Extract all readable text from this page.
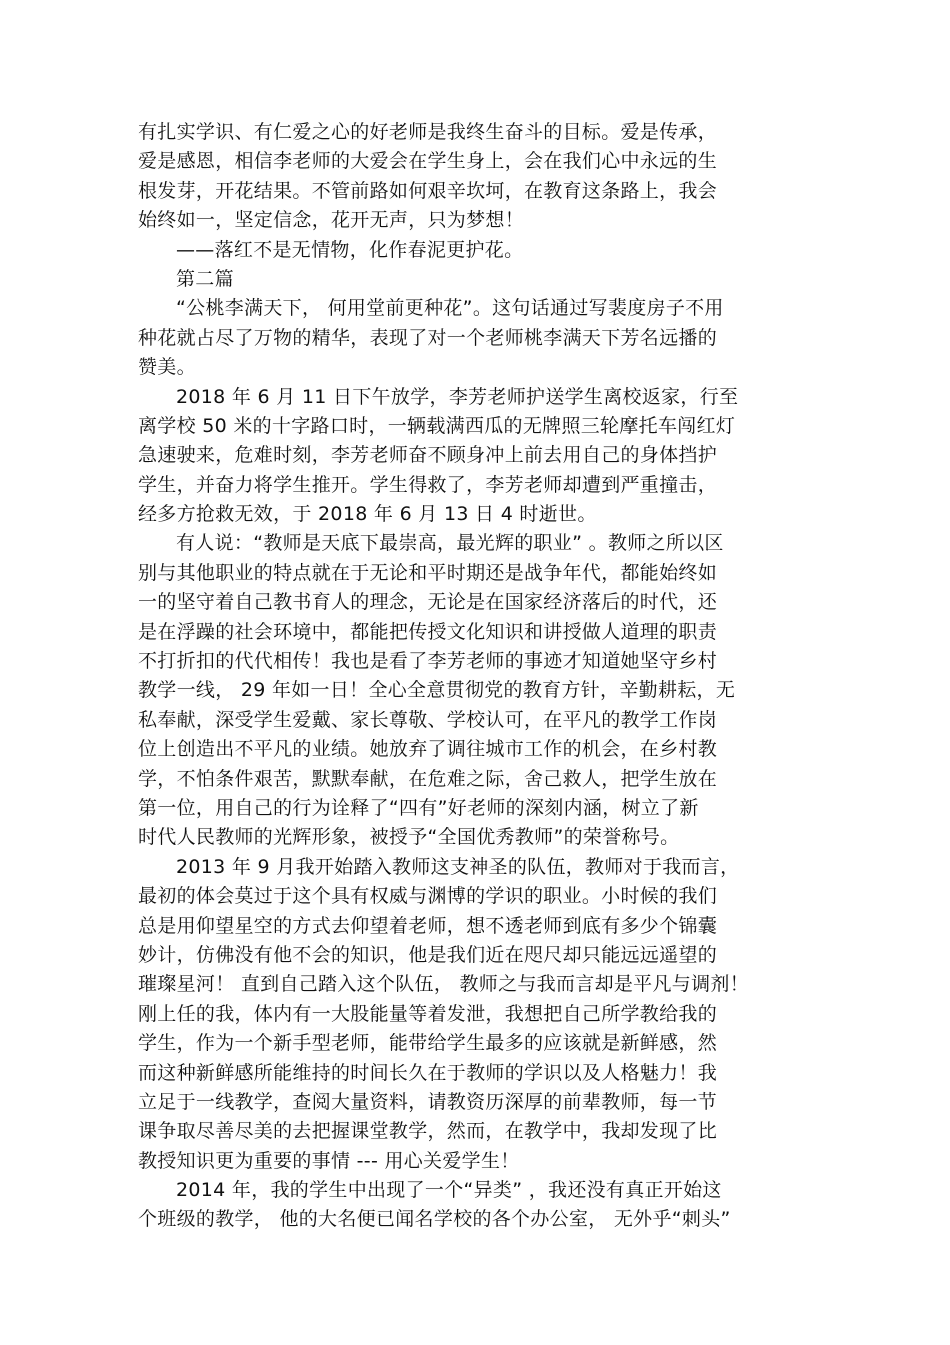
有扎实学识、有仁爱之心的好老师是我终生奋斗的目标。爱是传承，
爱是感恩，相信李老师的大爱会在学生身上，会在我们心中永远的生
根发芽，开花结果。不管前路如何艰辛坎坷，在教育这条路上，我会
始终如一，坚定信念，花开无声，只为梦想！
——落红不是无情物，化作春泥更护花。
第二篇
“公桃李满天下， 何用堂前更种花”。这句话通过写裴度房子不用
种花就占尽了万物的精华，表现了对一个老师桃李满天下芳名远播的
赞美。
2018 年 6 月 11 日下午放学，李芳老师护送学生离校返家，行至
离学校 50 米的十字路口时，一辆载满西瓜的无牌照三轮摩托车闯红灯
急速驶来，危难时刻，李芳老师奋不顾身冲上前去用自己的身体挡护
学生，并奋力将学生推开。学生得救了，李芳老师却遭到严重撞击，
经多方抢救无效，于 2018 年 6 月 13 日 4 时逝世。
有人说：“教师是天底下最崇高，最光辉的职业” 。教师之所以区
别与其他职业的特点就在于无论和平时期还是战争年代，都能始终如
一的坚守着自己教书育人的理念，无论是在国家经济落后的时代，还
是在浮躁的社会环境中，都能把传授文化知识和讲授做人道理的职责
不打折扣的代代相传！我也是看了李芳老师的事迹才知道她坚守乡村
教学一线， 29 年如一日！全心全意贯彻党的教育方针，辛勤耕耘，无
私奉献，深受学生爱戴、家长尊敬、学校认可，在平凡的教学工作岗
位上创造出不平凡的业绩。她放弃了调往城市工作的机会，在乡村教
学，不怕条件艰苦，默默奉献，在危难之际，舍己救人，把学生放在
第一位，用自己的行为诠释了“四有”好老师的深刻内涵，树立了新
时代人民教师的光辉形象，被授予“全国优秀教师”的荣誉称号。
2013 年 9 月我开始踏入教师这支神圣的队伍，教师对于我而言，
最初的体会莫过于这个具有权威与渊博的学识的职业。小时候的我们
总是用仰望星空的方式去仰望着老师，想不透老师到底有多少个锦囊
妙计，仿佛没有他不会的知识，他是我们近在咫尺却只能远远遥望的
璀璨星河！ 直到自己踏入这个队伍， 教师之与我而言却是平凡与调剂！
刚上任的我，体内有一大股能量等着发泄，我想把自己所学教给我的
学生，作为一个新手型老师，能带给学生最多的应该就是新鲜感，然
而这种新鲜感所能维持的时间长久在于教师的学识以及人格魅力！我
立足于一线教学，查阅大量资料，请教资历深厚的前辈教师，每一节
课争取尽善尽美的去把握课堂教学，然而，在教学中，我却发现了比
教授知识更为重要的事情 --- 用心关爱学生！
2014 年，我的学生中出现了一个“异类” ，我还没有真正开始这
个班级的教学， 他的大名便已闻名学校的各个办公室， 无外乎“刺头”
